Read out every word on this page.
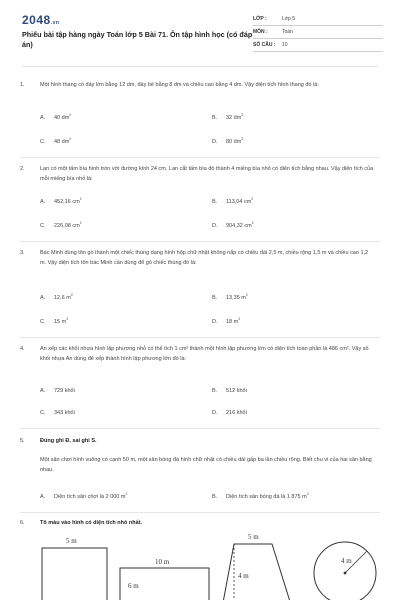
2048.vn
Phiếu bài tập hàng ngày Toán lớp 5 Bài 71. Ôn tập hình học (có đáp án)
LỚP :	Lớp 5
MÔN :	Toán
SỐ CÂU : 10
1.	Một hình thang có đáy lớn bằng 12 dm, đáy bé bằng 8 dm và chiều cao bằng 4 dm. Vậy diện tích hình thang đó là:
A. 40 $dm^2$	B. 32 $dm^2$
C. 48 $dm^2$	D. 80 $dm^2$
2.	Lan có một tấm bìa hình tròn với đường kính 24 cm. Lan cắt tấm bìa đó thành 4 miếng bìa nhỏ có diện tích bằng nhau. Vậy diện tích của mỗi miếng bìa nhỏ là:
A. 452,16 $cm^2$	B. 113,04 $cm^2$
C. 226,08 $cm^2$	D. 904,32 $cm^2$
3.	Bác Minh dùng tôn gò thành một chiếc thùng dạng hình hộp chữ nhật không nắp có chiều dài 2,5 m, chiều rộng 1,5 m và chiều cao 1,2 m. Vậy diện tích tôn bác Minh cần dùng để gò chiếc thùng đó là:
A. 12,6 $m^2$	B. 13,35 $m^2$
C. 15 $m^2$	D. 18 $m^2$
4.	An xếp các khối nhựa hình lập phương nhỏ có thể tích 1 cm³ thành một hình lập phương lớn có diện tích toàn phần là 486 cm². Vậy số khối nhựa An dùng để xếp thành hình lập phương lớn đó là:
A. 729 khối	B. 512 khối
C. 343 khối	D. 216 khối
5.	Đúng ghi Đ, sai ghi S.
Một sân chơi hình vuông có cạnh 50 m, một sân bóng đá hình chữ nhật có chiều dài gấp ba lần chiều rộng. Biết chu vi của hai sân bằng nhau.
A. Diện tích sân chơi là 2 000 $m^2$	B. Diện tích sân bóng đá là 1 875 $m^2$
6.	Tô màu vào hình có diện tích nhỏ nhất.
5 m
10 m
6 m
5 m
4 m
4 m
